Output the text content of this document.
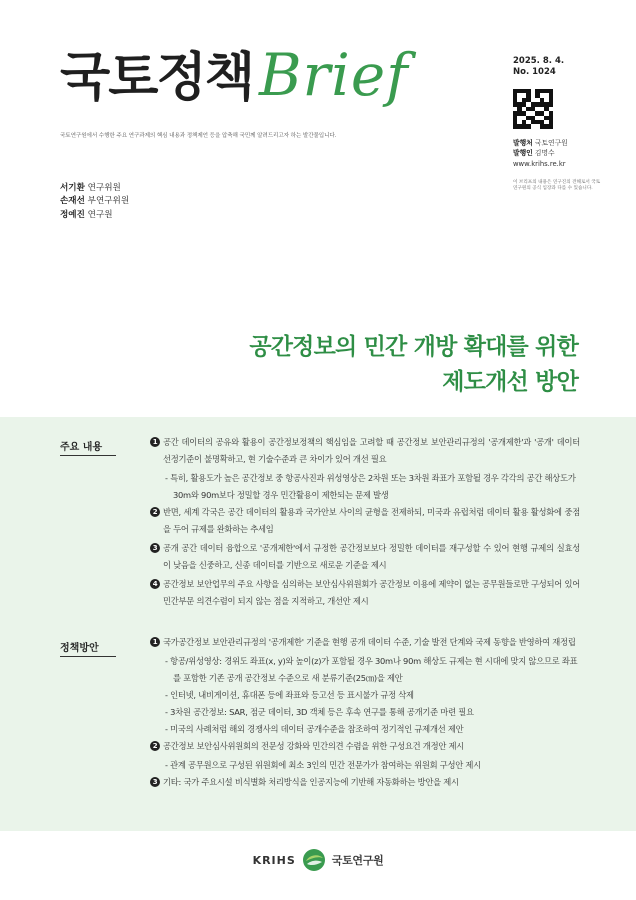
국토정책 Brief
국토연구원에서 수행한 주요 연구과제의 핵심 내용과 정책제언 등을 압축해 국민께 알려드리고자 하는 발간물입니다.
2025. 8. 4.
No. 1024
발행처 국토연구원
발행인 김명수
www.krihs.re.kr
이 브리프의 내용은 연구진의 견해로서 국토연구원의 공식 입장과 다를 수 있습니다.
서기환 연구위원
손재선 부연구위원
정예진 연구원
공간정보의 민간 개방 확대를 위한
제도개선 방안
주요 내용	1 공간 데이터의 공유와 활용이 공간정보정책의 핵심임을 고려할 때 공간정보 보안관리규정의 '공개제한'과 '공개' 데이터 선정기준이 불명확하고, 현 기술수준과 큰 차이가 있어 개선 필요
- 특히, 활용도가 높은 공간정보 중 항공사진과 위성영상은 2차원 또는 3차원 좌표가 포함될 경우 각각의 공간 해상도가 30m와 90m보다 정밀할 경우 민간활용이 제한되는 문제 발생
2 반면, 세계 각국은 공간 데이터의 활용과 국가안보 사이의 균형을 전제하되, 미국과 유럽처럼 데이터 활용 활성화에 중점을 두어 규제를 완화하는 추세임
3 공개 공간 데이터 융합으로 '공개제한'에서 규정한 공간정보보다 정밀한 데이터를 재구성할 수 있어 현행 규제의 실효성이 낮음을 신중하고, 신종 데이터를 기반으로 새로운 기준을 제시
4 공간정보 보안업무의 주요 사항을 심의하는 보안심사위원회가 공간정보 이용에 제약이 없는 공무원들로만 구성되어 있어 민간부문 의견수렴이 되지 않는 점을 지적하고, 개선안 제시
정책방안
1 국가공간정보 보안관리규정의 '공개제한' 기준을 현행 공개 데이터 수준, 기술 발전 단계와 국제 동향을 반영하여 재정립
- 항공/위성영상: 경위도 좌표(x, y)와 높이(z)가 포함될 경우 30m나 90m 해상도 규제는 현 시대에 맞지 않으므로 좌표를 포함한 기존 공개 공간정보 수준으로 새 분류기준(25㎝)을 제안
- 인터넷, 내비게이션, 휴대폰 등에 좌표와 등고선 등 표시불가 규정 삭제
- 3차원 공간정보: SAR, 점군 데이터, 3D 객체 등은 후속 연구를 통해 공개기준 마련 필요
- 미국의 사례처럼 해외 경쟁사의 데이터 공개수준을 참조하여 정기적인 규제개선 제안
2 공간정보 보안심사위원회의 전문성 강화와 민간의견 수렴을 위한 구성요건 개정안 제시
- 관계 공무원으로 구성된 위원회에 최소 3인의 민간 전문가가 참여하는 위원회 구성안 제시
3 기타: 국가 주요시설 비식별화 처리방식을 인공지능에 기반해 자동화하는 방안을 제시
KRIHS	국토연구원
